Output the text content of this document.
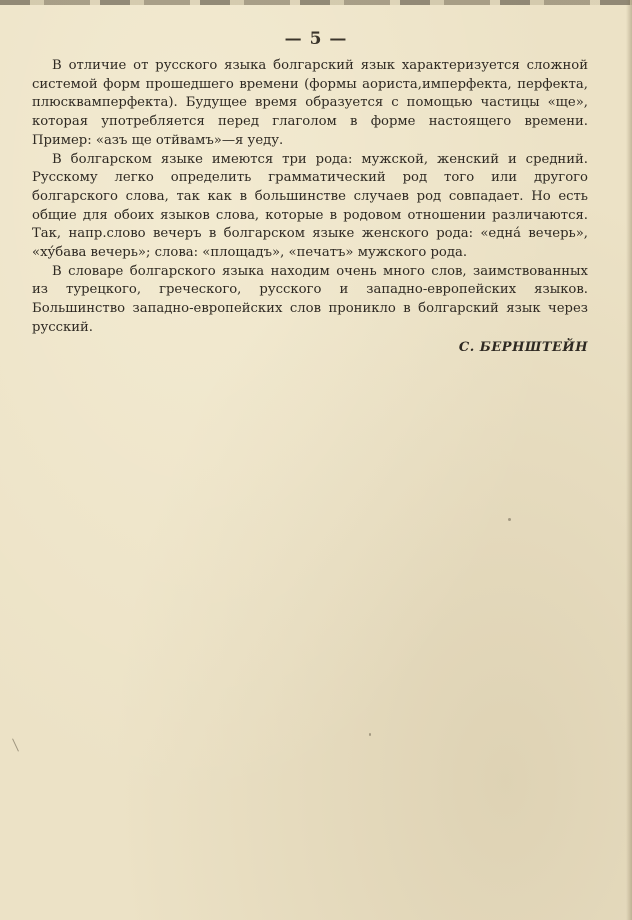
— 5 —

В отличие от русского языка болгарский язык характеризуется сложной системой форм прошедшего времени (формы аориста,имперфекта, перфекта, плюсквамперфекта). Будущее время образуется с помощью частицы «ще», которая употребляется перед глаголом в форме настоящего времени. Пример: «азъ ще отйвамъ»—я уеду.

В болгарском языке имеются три рода: мужской, женский и средний. Русскому легко определить грамматический род того или другого болгарского слова, так как в большинстве случаев род совпадает. Но есть общие для обоих языков слова, которые в родовом отношении различаются. Так, напр.слово вечеръ в болгарском языке женского рода: «една́ вечерь», «ху́бава вечерь»; слова: «площадъ», «печатъ» мужского рода.

В словаре болгарского языка находим очень много слов, заимствованных из турецкого, греческого, русского и западно-европейских языков. Большинство западно-европейских слов проникло в болгарский язык через русский.

С. БЕРНШТЕЙН
